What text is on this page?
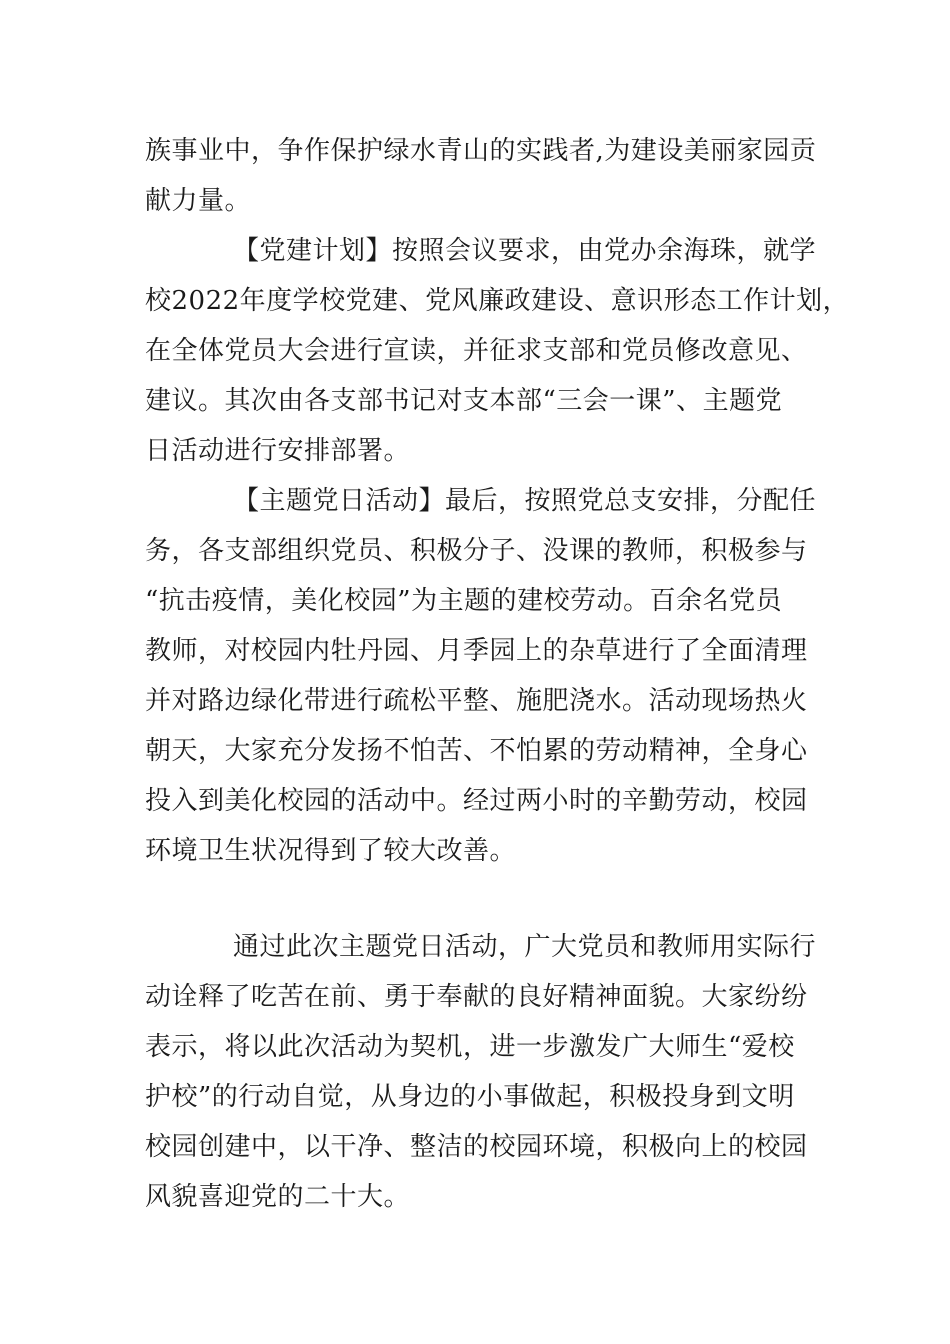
族事业中，争作保护绿水青山的实践者,为建设美丽家园贡
献力量。
【党建计划】按照会议要求，由党办余海珠，就学
校2022年度学校党建、党风廉政建设、意识形态工作计划，
在全体党员大会进行宣读，并征求支部和党员修改意见、
建议。其次由各支部书记对支本部“三会一课”、主题党
日活动进行安排部署。
【主题党日活动】最后，按照党总支安排，分配任
务，各支部组织党员、积极分子、没课的教师，积极参与
“抗击疫情，美化校园”为主题的建校劳动。百余名党员
教师，对校园内牡丹园、月季园上的杂草进行了全面清理
并对路边绿化带进行疏松平整、施肥浇水。活动现场热火
朝天，大家充分发扬不怕苦、不怕累的劳动精神，全身心
投入到美化校园的活动中。经过两小时的辛勤劳动，校园
环境卫生状况得到了较大改善。
通过此次主题党日活动，广大党员和教师用实际行
动诠释了吃苦在前、勇于奉献的良好精神面貌。大家纷纷
表示，将以此次活动为契机，进一步激发广大师生“爱校
护校”的行动自觉，从身边的小事做起，积极投身到文明
校园创建中，以干净、整洁的校园环境，积极向上的校园
风貌喜迎党的二十大。
